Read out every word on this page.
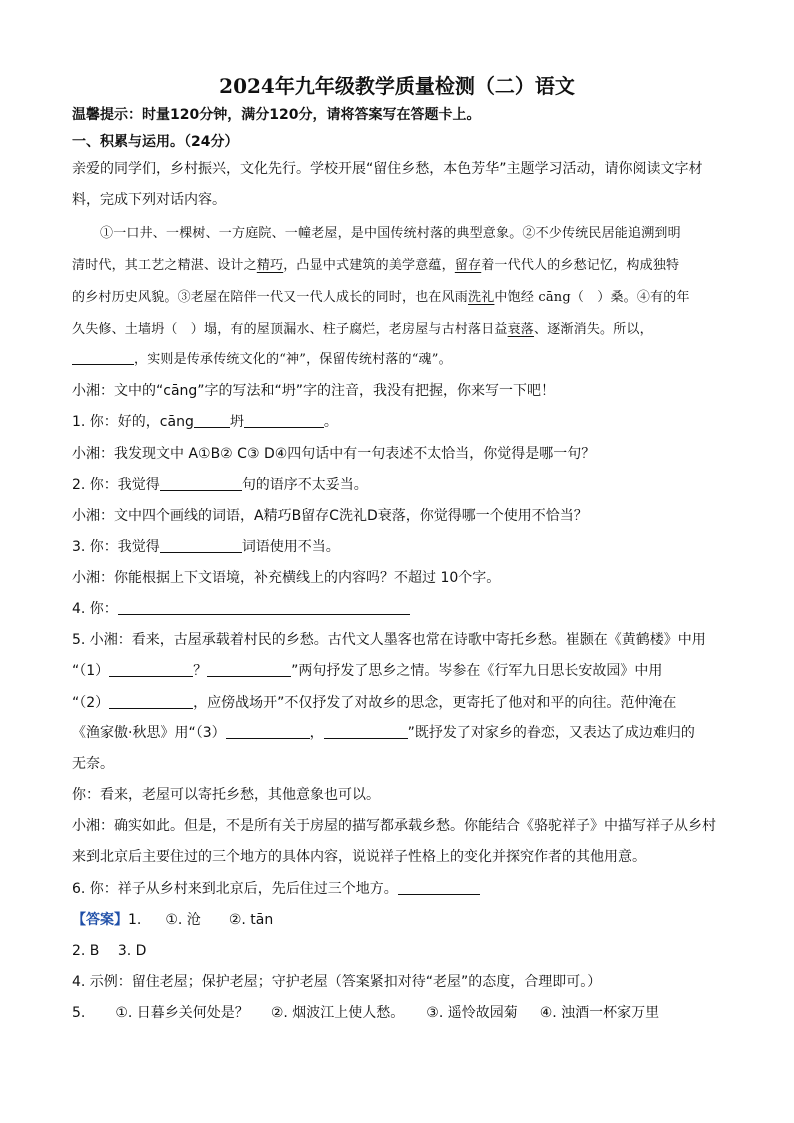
2024年九年级教学质量检测（二）语文
温馨提示：时量120分钟，满分120分，请将答案写在答题卡上。
一、积累与运用。（24分）
亲爱的同学们，乡村振兴，文化先行。学校开展“留住乡愁，本色芳华”主题学习活动，请你阅读文字材
料，完成下列对话内容。
①一口井、一棵树、一方庭院、一幢老屋，是中国传统村落的典型意象。②不少传统民居能追溯到明
清时代，其工艺之精湛、设计之精巧，凸显中式建筑的美学意蕴，留存着一代代人的乡愁记忆，构成独特
的乡村历史风貌。③老屋在陪伴一代又一代人成长的同时，也在风雨洗礼中饱经 cāng（　）桑。④有的年
久失修、土墙坍（　）塌，有的屋顶漏水、柱子腐烂，老房屋与古村落日益衰落、逐渐消失。所以，
，实则是传承传统文化的“神”，保留传统村落的“魂”。
小湘：文中的“cāng”字的写法和“坍”字的注音，我没有把握，你来写一下吧！
1. 你：好的，cāng	坍	。
小湘：我发现文中 A①B② C③ D④四句话中有一句表述不太恰当，你觉得是哪一句？
2. 你：我觉得	句的语序不太妥当。
小湘：文中四个画线的词语，A精巧B留存C洗礼D衰落，你觉得哪一个使用不恰当？
3. 你：我觉得	词语使用不当。
小湘：你能根据上下文语境，补充横线上的内容吗？不超过 10个字。
4. 你：
5. 小湘：看来，古屋承载着村民的乡愁。古代文人墨客也常在诗歌中寄托乡愁。崔颢在《黄鹤楼》中用
“（1）	？	”两句抒发了思乡之情。岑参在《行军九日思长安故园》中用
“（2）	，应傍战场开”不仅抒发了对故乡的思念，更寄托了他对和平的向往。范仲淹在
《渔家傲·秋思》用“（3）	，	”既抒发了对家乡的眷恋，又表达了成边难归的
无奈。
你：看来，老屋可以寄托乡愁，其他意象也可以。
小湘：确实如此。但是，不是所有关于房屋的描写都承载乡愁。你能结合《骆驼祥子》中描写祥子从乡村
来到北京后主要住过的三个地方的具体内容，说说祥子性格上的变化并探究作者的其他用意。
6. 你：祥子从乡村来到北京后，先后住过三个地方。
【答案】1. ①. 沧 ②. tān
2. B　 3. D
4. 示例：留住老屋；保护老屋；守护老屋（答案紧扣对待“老屋”的态度，合理即可。）
5. ①. 日暮乡关何处是？ ②. 烟波江上使人愁。 ③. 遥怜故园菊 ④. 浊酒一杯家万里
